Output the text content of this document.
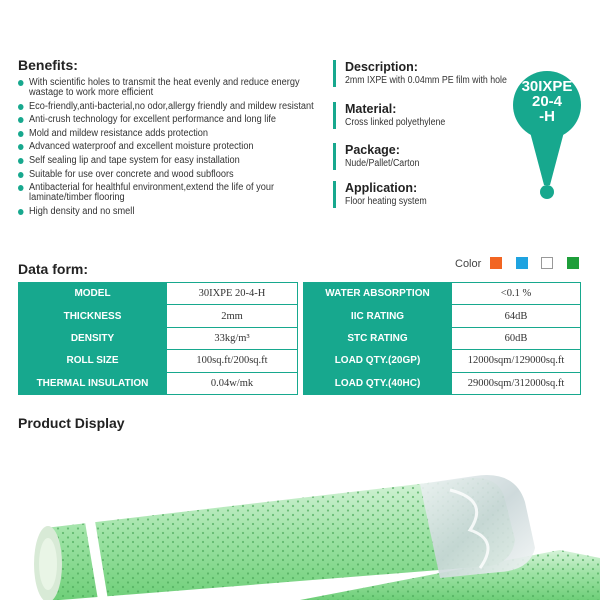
Benefits:
With scientific holes to transmit the heat evenly and reduce energy wastage to work more efficient
Eco-friendly,anti-bacterial,no odor,allergy friendly and mildew resistant
Anti-crush technology for excellent performance and long life
Mold and mildew resistance adds protection
Advanced waterproof and excellent moisture protection
Self sealing lip and tape system for easy installation
Suitable for use over concrete and wood subfloors
Antibacterial for healthful environment,extend the life of your laminate/timber flooring
High density and no smell
Description:
2mm IXPE with 0.04mm PE film with hole
Material:
Cross linked polyethylene
Package:
Nude/Pallet/Carton
Application:
Floor heating system
30IXPE
20-4
-H
Data form:	Color
MODEL	30IXPE 20-4-H
THICKNESS	2mm
DENSITY	33kg/m³
ROLL SIZE	100sq.ft/200sq.ft
THERMAL INSULATION	0.04w/mk
WATER ABSORPTION	<0.1 %
IIC RATING	64dB
STC RATING	60dB
LOAD QTY.(20GP)	12000sqm/129000sq.ft
LOAD QTY.(40HC)	29000sqm/312000sq.ft
Product Display
